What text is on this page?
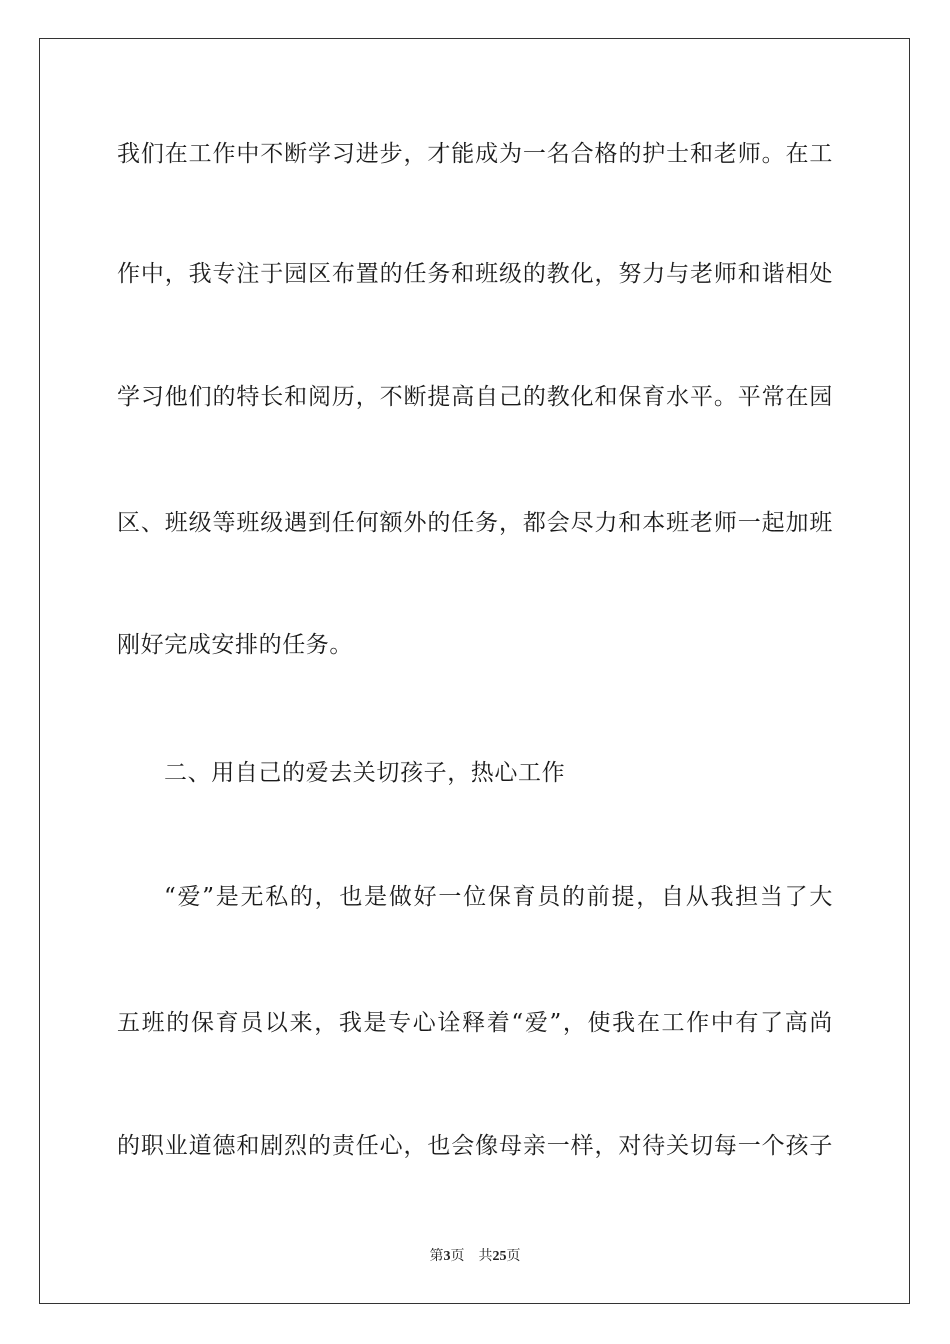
我们在工作中不断学习进步，才能成为一名合格的护士和老师。在工
作中，我专注于园区布置的任务和班级的教化，努力与老师和谐相处
学习他们的特长和阅历，不断提高自己的教化和保育水平。平常在园
区、班级等班级遇到任何额外的任务，都会尽力和本班老师一起加班
刚好完成安排的任务。
二、用自己的爱去关切孩子，热心工作
“爱”是无私的，也是做好一位保育员的前提，自从我担当了大
五班的保育员以来，我是专心诠释着“爱”，使我在工作中有了高尚
的职业道德和剧烈的责任心，也会像母亲一样，对待关切每一个孩子
第3页 共25页
